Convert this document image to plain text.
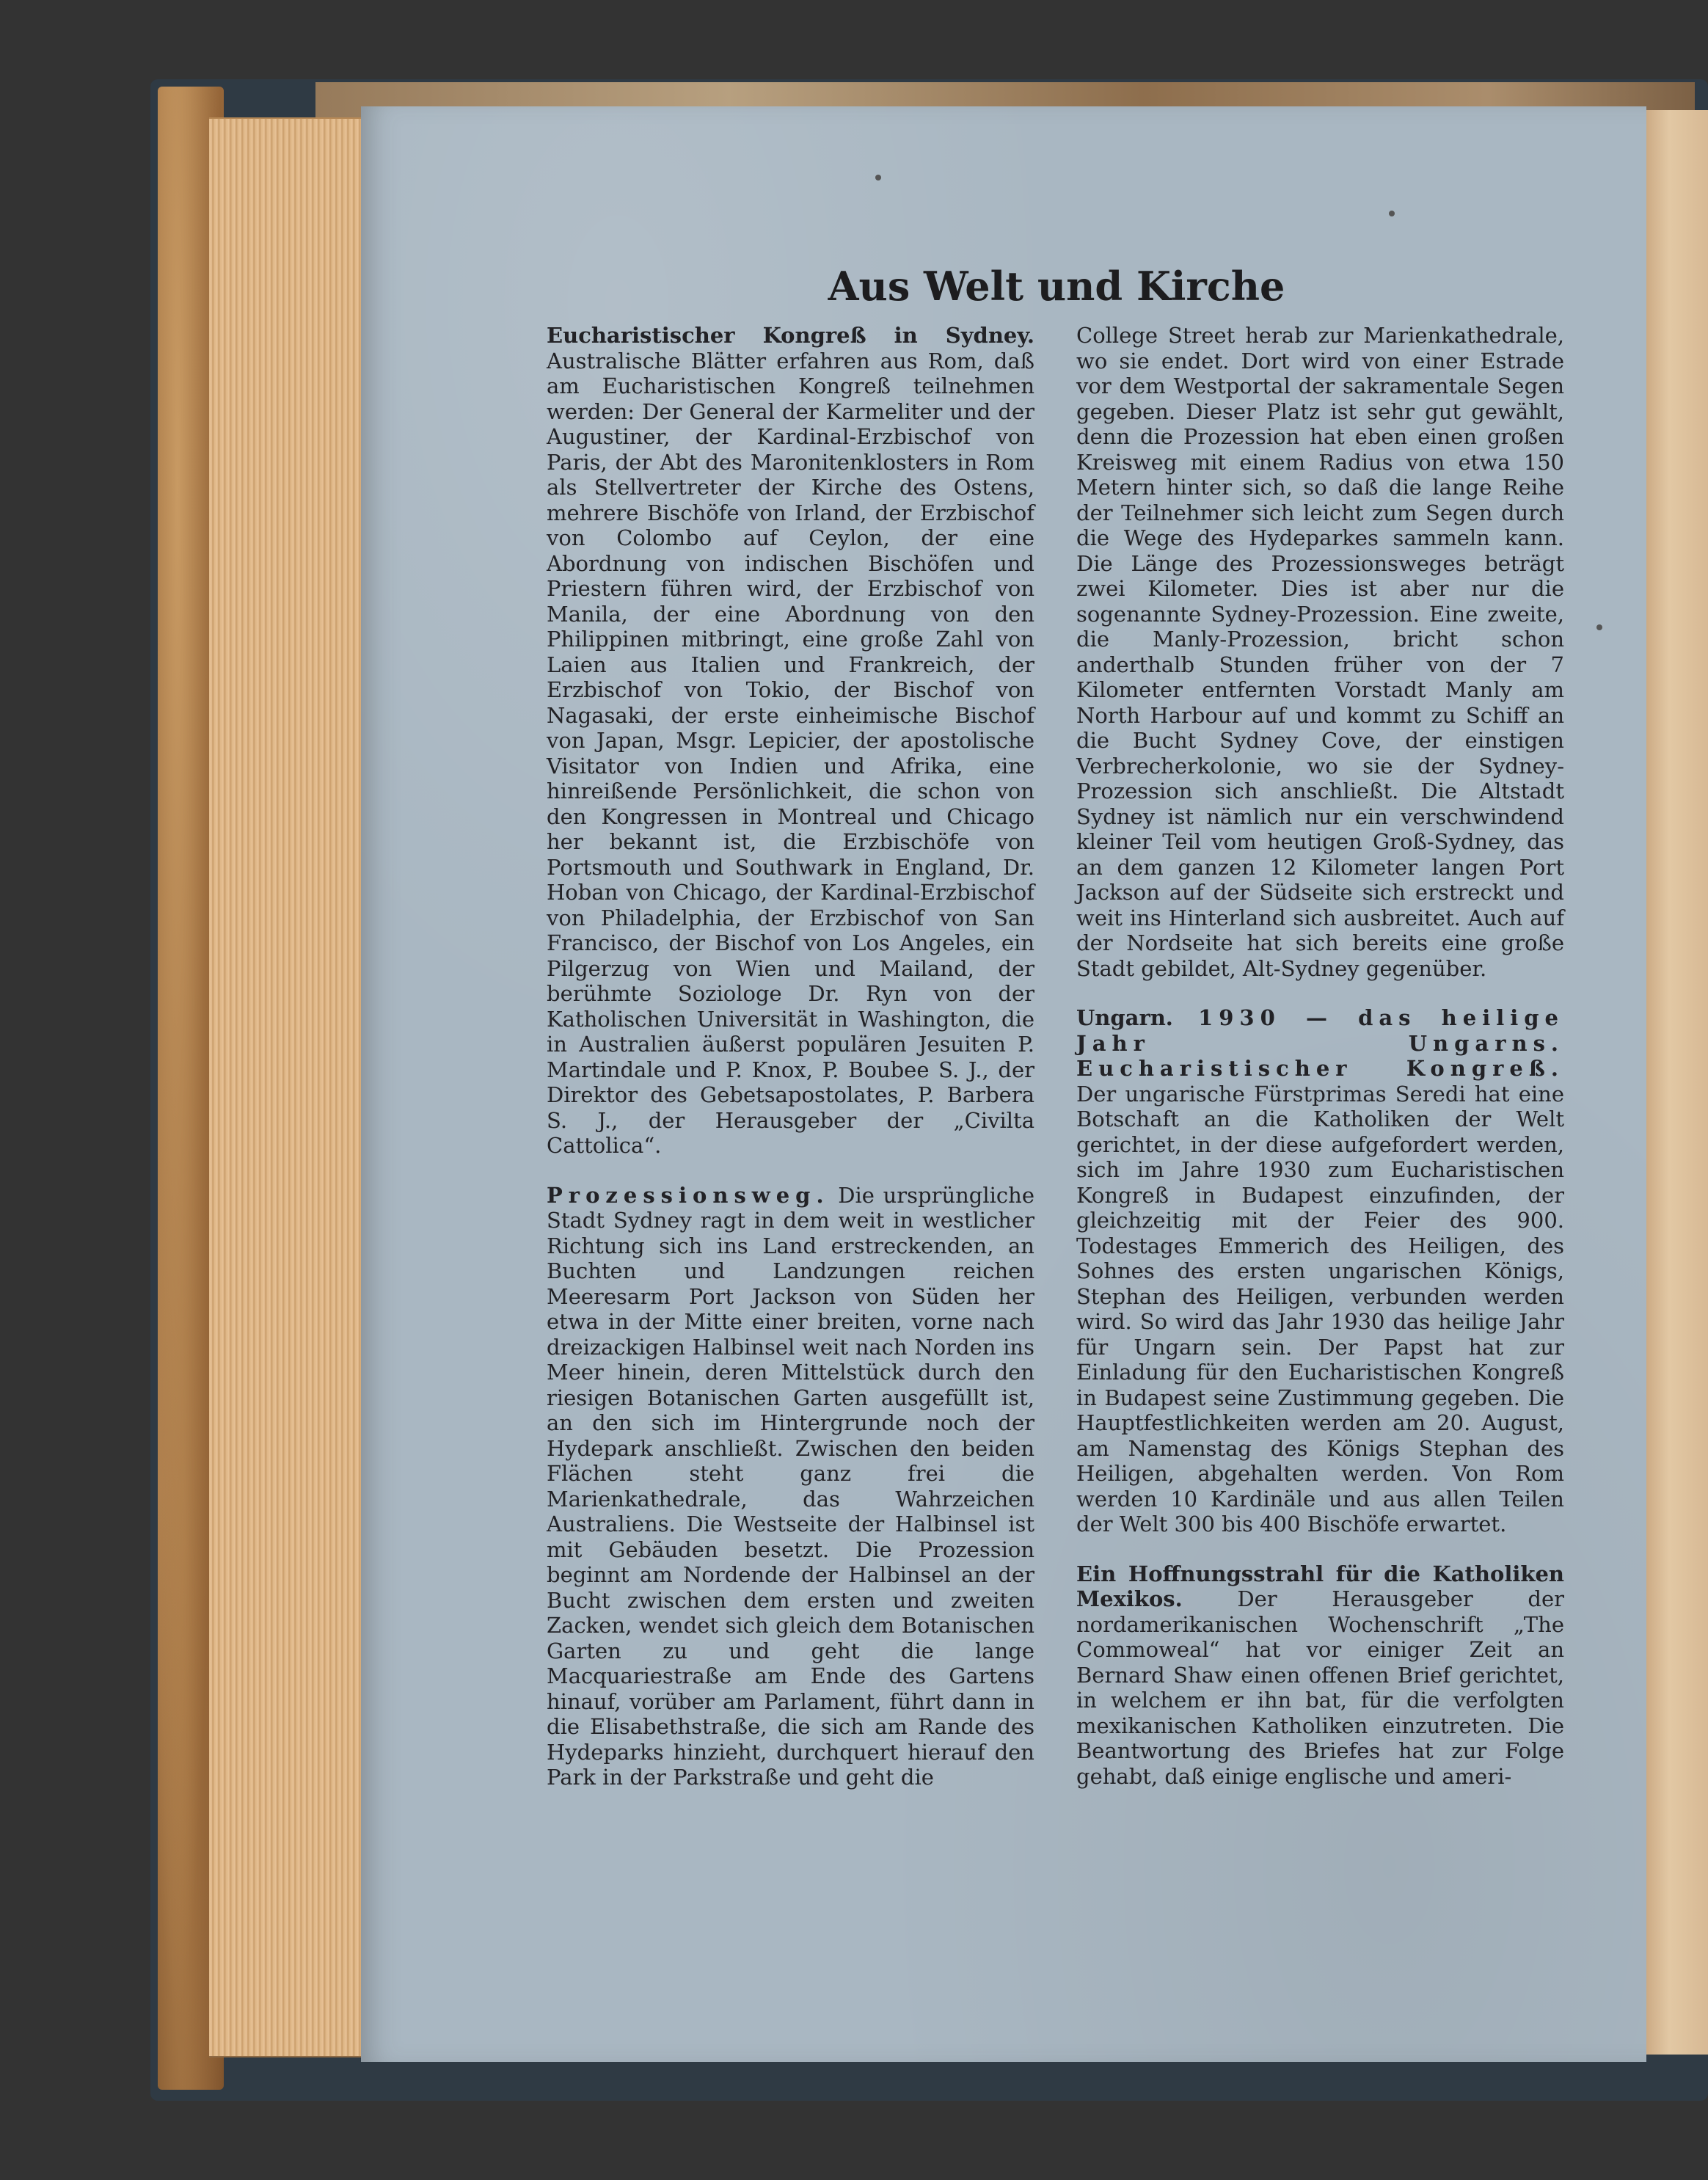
Aus Welt und Kirche

Eucharistischer Kongreß in Sydney. Australische Blätter erfahren aus Rom, daß am Eucharistischen Kongreß teilnehmen werden: Der General der Karmeliter und der Augustiner, der Kardinal-Erzbischof von Paris, der Abt des Maronitenklosters in Rom als Stellvertreter der Kirche des Ostens, mehrere Bischöfe von Irland, der Erzbischof von Colombo auf Ceylon, der eine Abordnung von indischen Bischöfen und Priestern führen wird, der Erzbischof von Manila, der eine Abordnung von den Philippinen mitbringt, eine große Zahl von Laien aus Italien und Frankreich, der Erzbischof von Tokio, der Bischof von Nagasaki, der erste einheimische Bischof von Japan, Msgr. Lepicier, der apostolische Visitator von Indien und Afrika, eine hinreißende Persönlichkeit, die schon von den Kongressen in Montreal und Chicago her bekannt ist, die Erzbischöfe von Portsmouth und Southwark in England, Dr. Hoban von Chicago, der Kardinal-Erzbischof von Philadelphia, der Erzbischof von San Francisco, der Bischof von Los Angeles, ein Pilgerzug von Wien und Mailand, der berühmte Soziologe Dr. Ryn von der Katholischen Universität in Washington, die in Australien äußerst populären Jesuiten P. Martindale und P. Knox, P. Boubee S. J., der Direktor des Gebetsapostolates, P. Barbera S. J., der Herausgeber der „Civilta Cattolica“.

Prozessionsweg. Die ursprüngliche Stadt Sydney ragt in dem weit in westlicher Richtung sich ins Land erstreckenden, an Buchten und Landzungen reichen Meeresarm Port Jackson von Süden her etwa in der Mitte einer breiten, vorne nach dreizackigen Halbinsel weit nach Norden ins Meer hinein, deren Mittelstück durch den riesigen Botanischen Garten ausgefüllt ist, an den sich im Hintergrunde noch der Hydepark anschließt. Zwischen den beiden Flächen steht ganz frei die Marienkathedrale, das Wahrzeichen Australiens. Die Westseite der Halbinsel ist mit Gebäuden besetzt. Die Prozession beginnt am Nordende der Halbinsel an der Bucht zwischen dem ersten und zweiten Zacken, wendet sich gleich dem Botanischen Garten zu und geht die lange Macquariestraße am Ende des Gartens hinauf, vorüber am Parlament, führt dann in die Elisabethstraße, die sich am Rande des Hydeparks hinzieht, durchquert hierauf den Park in der Parkstraße und geht die

College Street herab zur Marienkathedrale, wo sie endet. Dort wird von einer Estrade vor dem Westportal der sakramentale Segen gegeben. Dieser Platz ist sehr gut gewählt, denn die Prozession hat eben einen großen Kreisweg mit einem Radius von etwa 150 Metern hinter sich, so daß die lange Reihe der Teilnehmer sich leicht zum Segen durch die Wege des Hydeparkes sammeln kann. Die Länge des Prozessionsweges beträgt zwei Kilometer. Dies ist aber nur die sogenannte Sydney-Prozession. Eine zweite, die Manly-Prozession, bricht schon anderthalb Stunden früher von der 7 Kilometer entfernten Vorstadt Manly am North Harbour auf und kommt zu Schiff an die Bucht Sydney Cove, der einstigen Verbrecherkolonie, wo sie der Sydney-Prozession sich anschließt. Die Altstadt Sydney ist nämlich nur ein verschwindend kleiner Teil vom heutigen Groß-Sydney, das an dem ganzen 12 Kilometer langen Port Jackson auf der Südseite sich erstreckt und weit ins Hinterland sich ausbreitet. Auch auf der Nordseite hat sich bereits eine große Stadt gebildet, Alt-Sydney gegenüber.

Ungarn. 1930 — das heilige Jahr Ungarns. Eucharistischer Kongreß. Der ungarische Fürstprimas Seredi hat eine Botschaft an die Katholiken der Welt gerichtet, in der diese aufgefordert werden, sich im Jahre 1930 zum Eucharistischen Kongreß in Budapest einzufinden, der gleichzeitig mit der Feier des 900. Todestages Emmerich des Heiligen, des Sohnes des ersten ungarischen Königs, Stephan des Heiligen, verbunden werden wird. So wird das Jahr 1930 das heilige Jahr für Ungarn sein. Der Papst hat zur Einladung für den Eucharistischen Kongreß in Budapest seine Zustimmung gegeben. Die Hauptfestlichkeiten werden am 20. August, am Namenstag des Königs Stephan des Heiligen, abgehalten werden. Von Rom werden 10 Kardinäle und aus allen Teilen der Welt 300 bis 400 Bischöfe erwartet.

Ein Hoffnungsstrahl für die Katholiken Mexikos. Der Herausgeber der nordamerikanischen Wochenschrift „The Commoweal“ hat vor einiger Zeit an Bernard Shaw einen offenen Brief gerichtet, in welchem er ihn bat, für die verfolgten mexikanischen Katholiken einzutreten. Die Beantwortung des Briefes hat zur Folge gehabt, daß einige englische und ameri-
